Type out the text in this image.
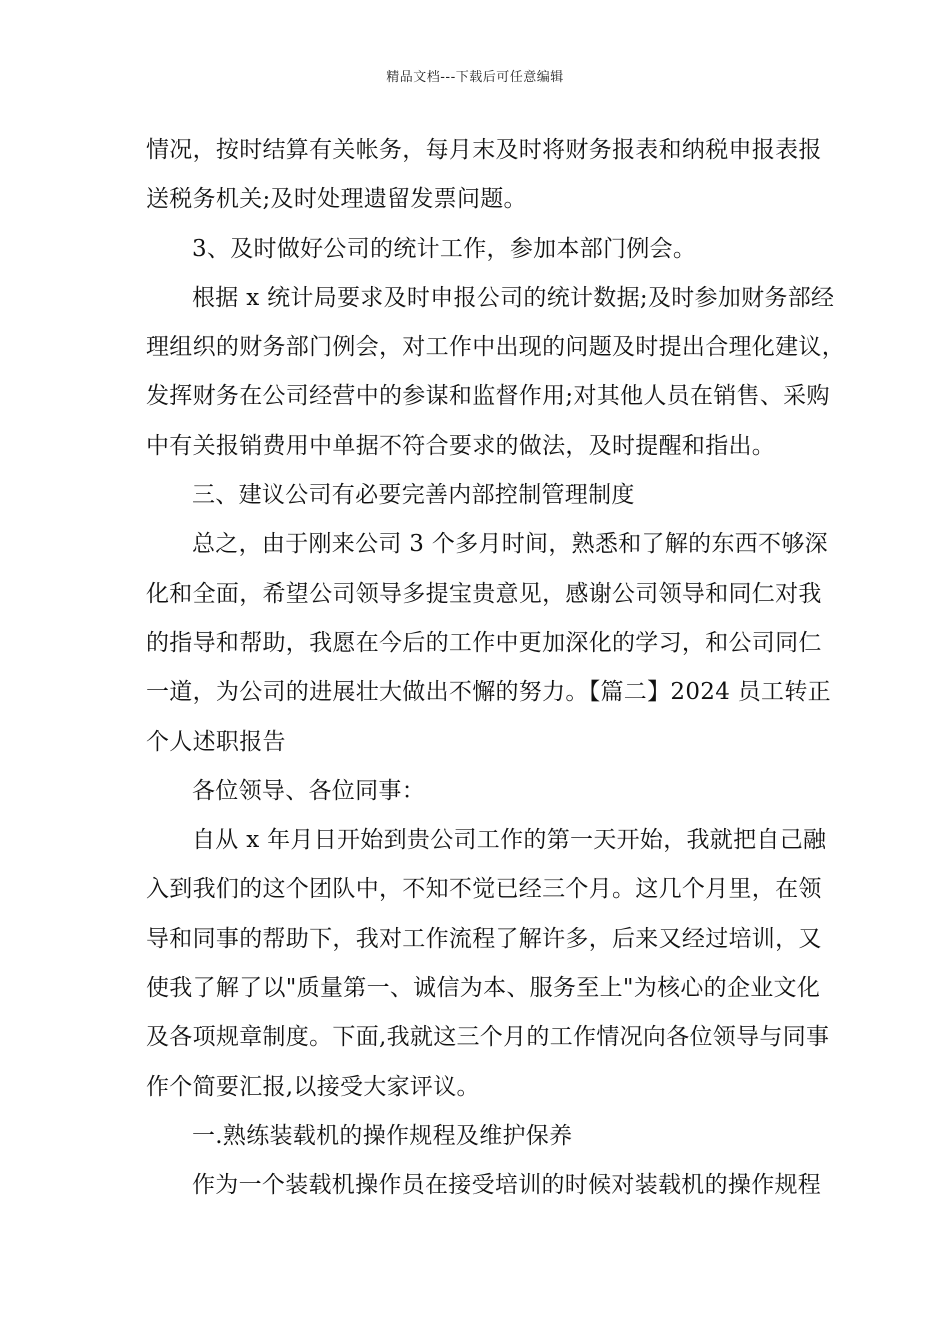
精品文档---下载后可任意编辑
情况，按时结算有关帐务，每月末及时将财务报表和纳税申报表报
送税务机关;及时处理遗留发票问题。
3、及时做好公司的统计工作，参加本部门例会。
根据 x 统计局要求及时申报公司的统计数据;及时参加财务部经
理组织的财务部门例会，对工作中出现的问题及时提出合理化建议，
发挥财务在公司经营中的参谋和监督作用;对其他人员在销售、采购
中有关报销费用中单据不符合要求的做法，及时提醒和指出。
三、建议公司有必要完善内部控制管理制度
总之，由于刚来公司 3 个多月时间，熟悉和了解的东西不够深
化和全面，希望公司领导多提宝贵意见，感谢公司领导和同仁对我
的指导和帮助，我愿在今后的工作中更加深化的学习，和公司同仁
一道，为公司的进展壮大做出不懈的努力。【篇二】2024 员工转正
个人述职报告
各位领导、各位同事：
自从 x 年月日开始到贵公司工作的第一天开始，我就把自己融
入到我们的这个团队中，不知不觉已经三个月。这几个月里，在领
导和同事的帮助下，我对工作流程了解许多，后来又经过培训，又
使我了解了以"质量第一、诚信为本、服务至上"为核心的企业文化
及各项规章制度。下面,我就这三个月的工作情况向各位领导与同事
作个简要汇报,以接受大家评议。
一.熟练装载机的操作规程及维护保养
作为一个装载机操作员在接受培训的时候对装载机的操作规程
